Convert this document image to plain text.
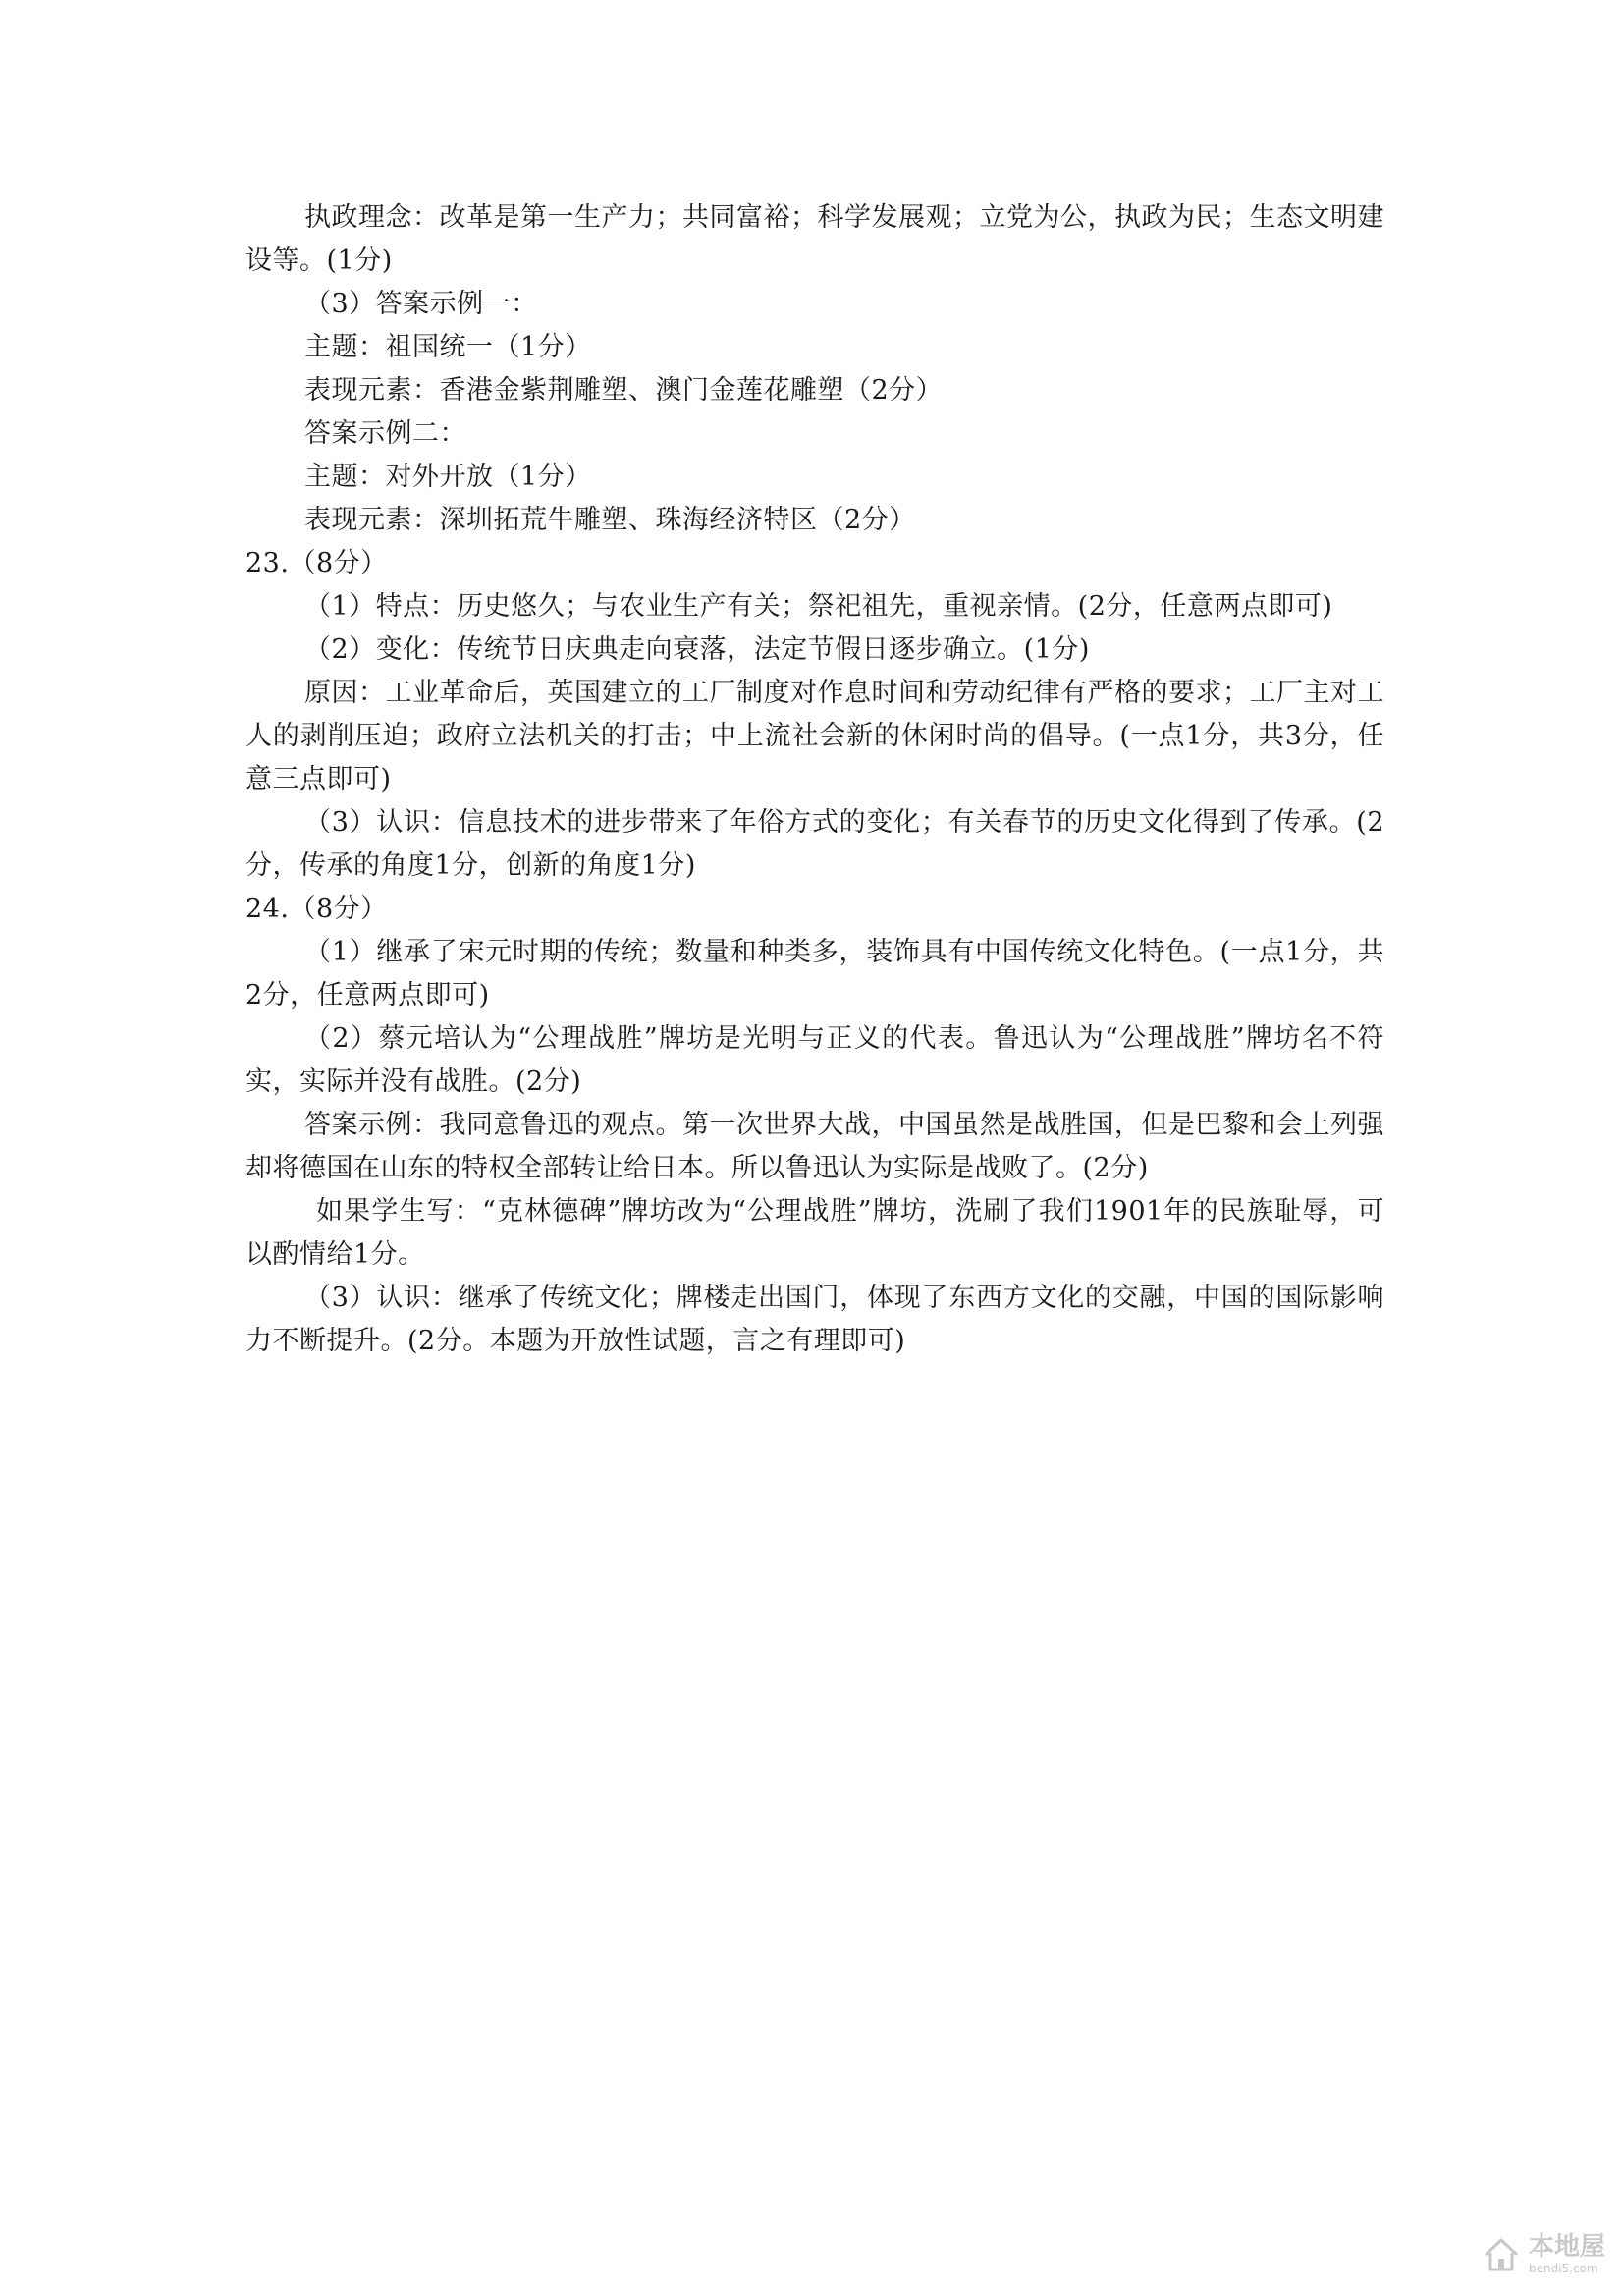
执政理念：改革是第一生产力；共同富裕；科学发展观；立党为公，执政为民；生态文明建设等。(1分)

（3）答案示例一：

主题：祖国统一（1分）

表现元素：香港金紫荆雕塑、澳门金莲花雕塑（2分）

答案示例二：

主题：对外开放（1分）

表现元素：深圳拓荒牛雕塑、珠海经济特区（2分）

23.（8分）

（1）特点：历史悠久；与农业生产有关；祭祀祖先，重视亲情。(2分，任意两点即可)

（2）变化：传统节日庆典走向衰落，法定节假日逐步确立。(1分)

原因：工业革命后，英国建立的工厂制度对作息时间和劳动纪律有严格的要求；工厂主对工人的剥削压迫；政府立法机关的打击；中上流社会新的休闲时尚的倡导。(一点1分，共3分，任意三点即可)

（3）认识：信息技术的进步带来了年俗方式的变化；有关春节的历史文化得到了传承。(2分，传承的角度1分，创新的角度1分)

24.（8分）

（1）继承了宋元时期的传统；数量和种类多，装饰具有中国传统文化特色。(一点1分，共2分，任意两点即可)

（2）蔡元培认为“公理战胜”牌坊是光明与正义的代表。鲁迅认为“公理战胜”牌坊名不符实，实际并没有战胜。(2分)

答案示例：我同意鲁迅的观点。第一次世界大战，中国虽然是战胜国，但是巴黎和会上列强却将德国在山东的特权全部转让给日本。所以鲁迅认为实际是战败了。(2分)

如果学生写：“克林德碑”牌坊改为“公理战胜”牌坊，洗刷了我们1901年的民族耻辱，可以酌情给1分。

（3）认识：继承了传统文化；牌楼走出国门，体现了东西方文化的交融，中国的国际影响力不断提升。(2分。本题为开放性试题，言之有理即可)

本地屋
bendi5.com
